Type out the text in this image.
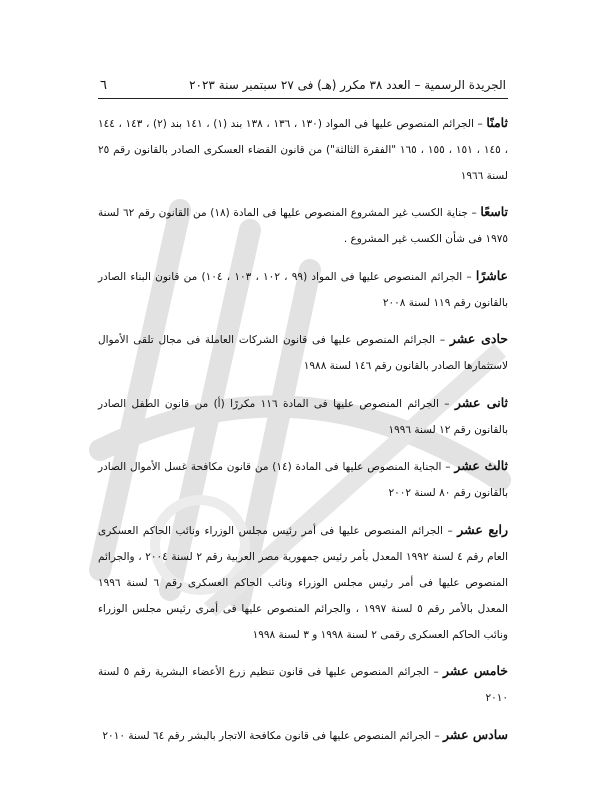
الجريدة الرسمية – العدد ٣٨ مكرر (هـ) فى ٢٧ سبتمبر سنة ٢٠٢٣
٦

ثامنًا – الجرائم المنصوص عليها فى المواد (١٣٠ ، ١٣٦ ، ١٣٨ بند (١) ، ١٤١ بند (٢) ، ١٤٣ ، ١٤٤ ، ١٤٥ ، ١٥١ ، ١٥٥ ، ١٦٥ "الفقرة الثالثة") من قانون القضاء العسكرى الصادر بالقانون رقم ٢٥ لسنة ١٩٦٦

تاسعًا – جناية الكسب غير المشروع المنصوص عليها فى المادة (١٨) من القانون رقم ٦٢ لسنة ١٩٧٥ فى شأن الكسب غير المشروع .

عاشرًا – الجرائم المنصوص عليها فى المواد (٩٩ ، ١٠٢ ، ١٠٣ ، ١٠٤) من قانون البناء الصادر بالقانون رقم ١١٩ لسنة ٢٠٠٨

حادى عشر – الجرائم المنصوص عليها فى قانون الشركات العاملة فى مجال تلقى الأموال لاستثمارها الصادر بالقانون رقم ١٤٦ لسنة ١٩٨٨

ثانى عشر – الجرائم المنصوص عليها فى المادة ١١٦ مكررًا (أ) من قانون الطفل الصادر بالقانون رقم ١٢ لسنة ١٩٩٦

ثالث عشر – الجناية المنصوص عليها فى المادة (١٤) من قانون مكافحة غسل الأموال الصادر بالقانون رقم ٨٠ لسنة ٢٠٠٢

رابع عشر – الجرائم المنصوص عليها فى أمر رئيس مجلس الوزراء ونائب الحاكم العسكرى العام رقم ٤ لسنة ١٩٩٢ المعدل بأمر رئيس جمهورية مصر العربية رقم ٢ لسنة ٢٠٠٤ ، والجرائم المنصوص عليها فى أمر رئيس مجلس الوزراء ونائب الحاكم العسكرى رقم ٦ لسنة ١٩٩٦ المعدل بالأمر رقم ٥ لسنة ١٩٩٧ ، والجرائم المنصوص عليها فى أمرى رئيس مجلس الوزراء ونائب الحاكم العسكرى رقمى ٢ لسنة ١٩٩٨ و ٣ لسنة ١٩٩٨

خامس عشر – الجرائم المنصوص عليها فى قانون تنظيم زرع الأعضاء البشرية رقم ٥ لسنة ٢٠١٠

سادس عشر – الجرائم المنصوص عليها فى قانون مكافحة الاتجار بالبشر رقم ٦٤ لسنة ٢٠١٠
